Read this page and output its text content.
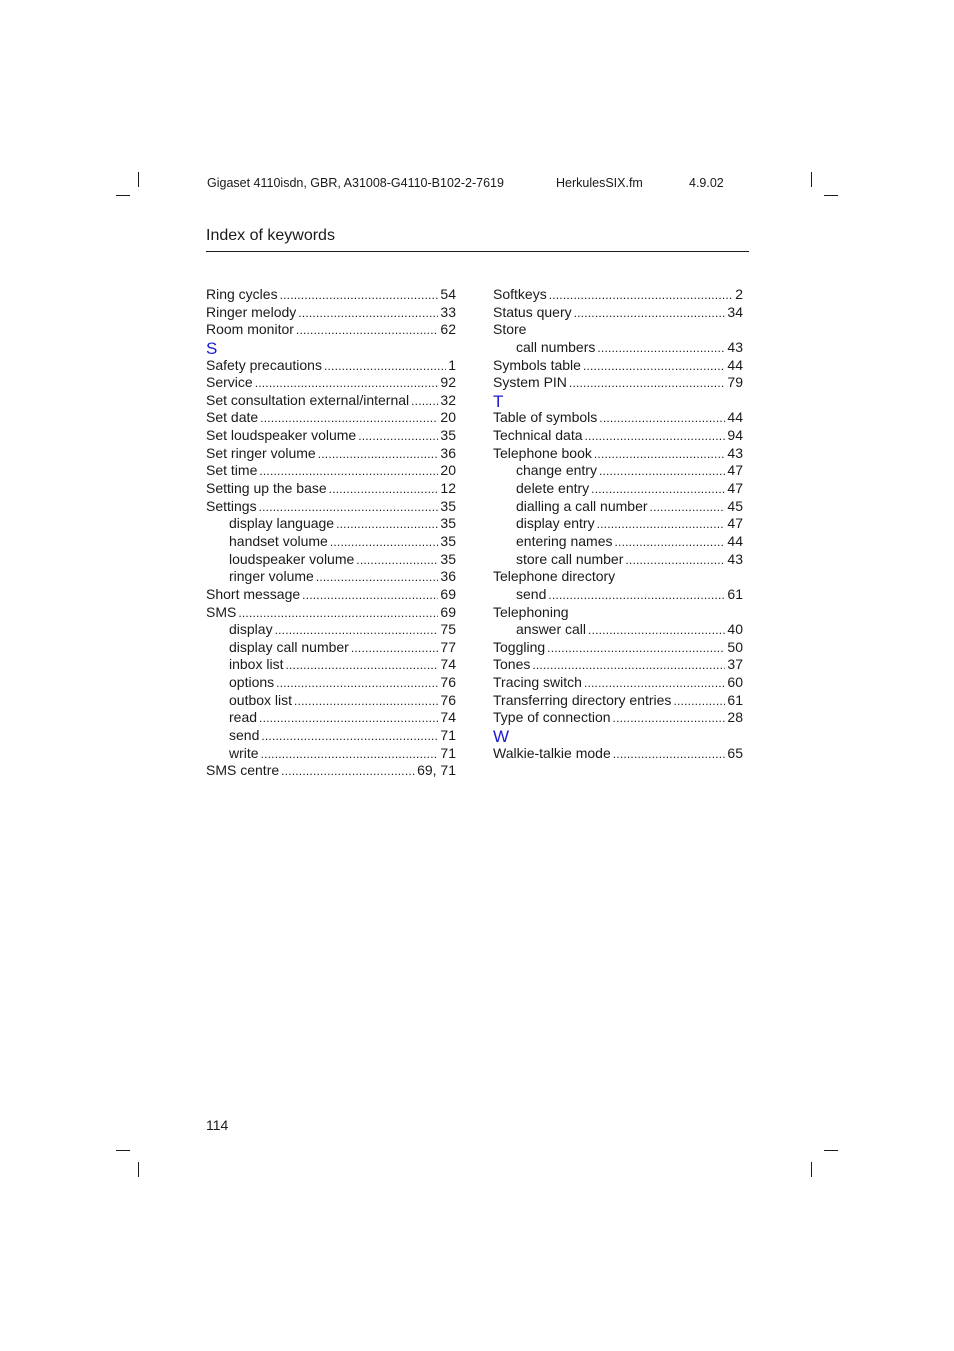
Gigaset 4110isdn, GBR, A31008-G4110-B102-2-7619	HerkulesSIX.fm	4.9.02
Index of keywords
Ring cycles .....	54
Ringer melody .....	33
Room monitor .....	62
S
Safety precautions .....	1
Service .....	92
Set consultation external/internal ..... 32
Set date .....	20
Set loudspeaker volume .....	35
Set ringer volume .....	36
Set time .....	20
Setting up the base .....	12
Settings .....	35
display language .....	35
handset volume .....	35
loudspeaker volume .....	35
ringer volume .....	36
Short message .....	69
SMS .....	69
display .....	75
display call number .....	77
inbox list .....	74
options .....	76
outbox list .....	76
read .....	74
send .....	71
write .....	71
SMS centre .....	69, 71
Softkeys .....	2
Status query .....	34
Store
call numbers .....	43
Symbols table .....	44
System PIN .....	79
T
Table of symbols .....	44
Technical data .....	94
Telephone book .....	43
change entry .....	47
delete entry .....	47
dialling a call number .....	45
display entry .....	47
entering names .....	44
store call number .....	43
Telephone directory
send .....	61
Telephoning
answer call .....	40
Toggling .....	50
Tones .....	37
Tracing switch .....	60
Transferring directory entries .....	61
Type of connection .....	28
W
Walkie-talkie mode .....	65
114
